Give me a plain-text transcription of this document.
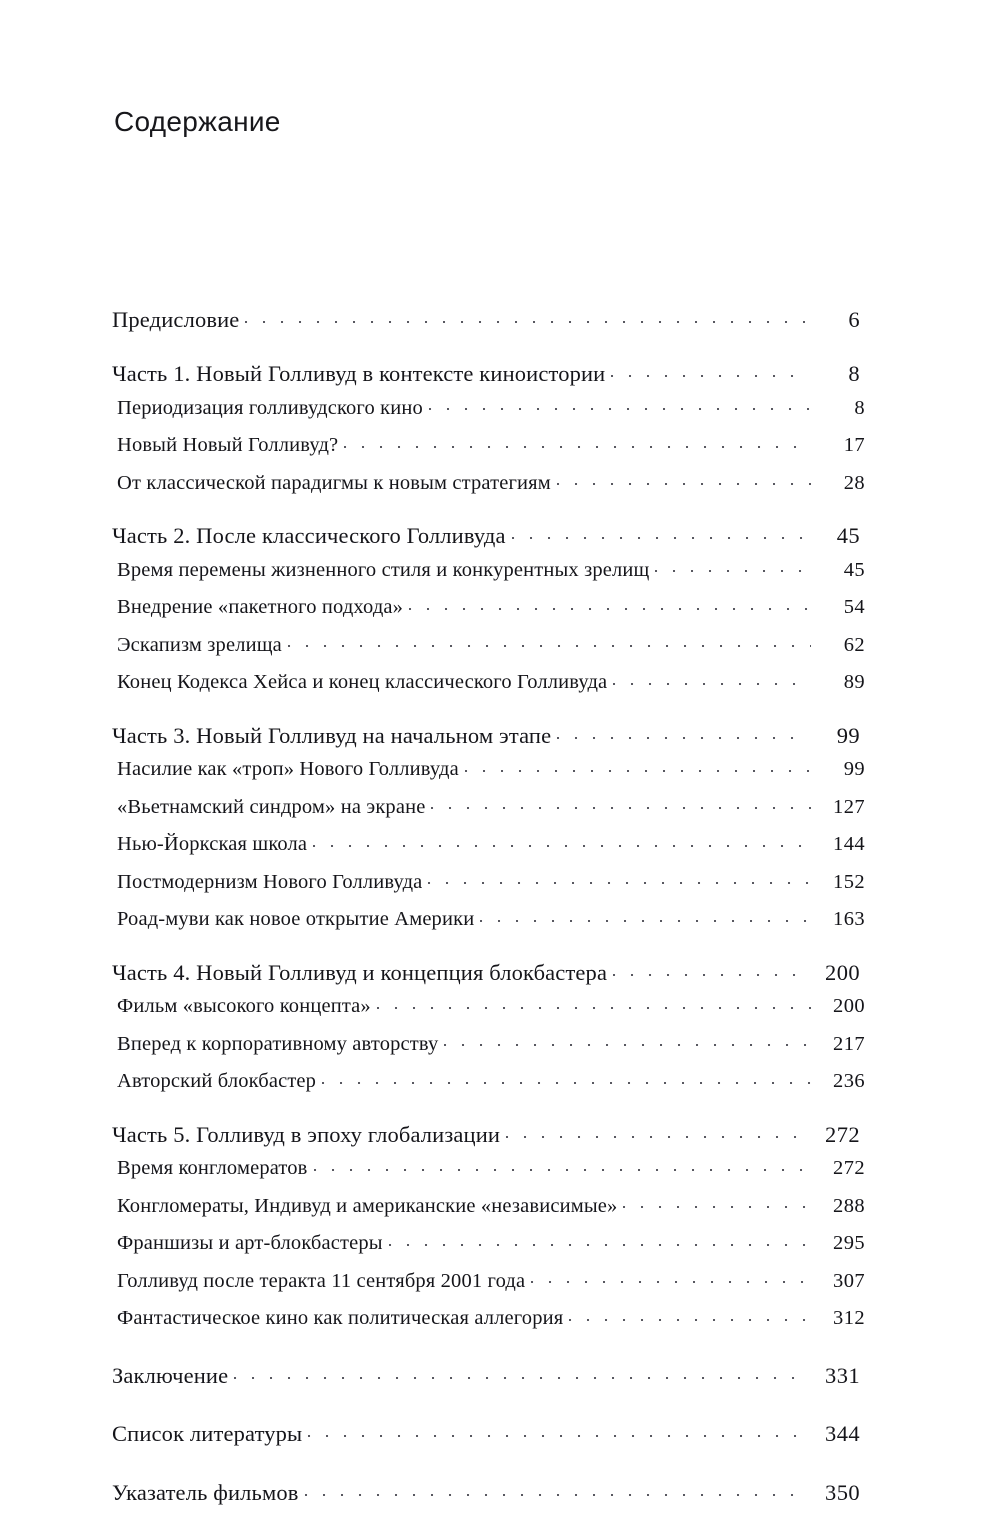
Содержание
Предисловие	6
Часть 1. Новый Голливуд в контексте киноистории	8
Периодизация голливудского кино	8
Новый Новый Голливуд?	17
От классической парадигмы к новым стратегиям	28
Часть 2. После классического Голливуда	45
Время перемены жизненного стиля и конкурентных зрелищ	45
Внедрение «пакетного подхода»	54
Эскапизм зрелища	62
Конец Кодекса Хейса и конец классического Голливуда	89
Часть 3. Новый Голливуд на начальном этапе	99
Насилие как «троп» Нового Голливуда	99
«Вьетнамский синдром» на экране	127
Нью-Йоркская школа	144
Постмодернизм Нового Голливуда	152
Роад-муви как новое открытие Америки	163
Часть 4. Новый Голливуд и концепция блокбастера	200
Фильм «высокого концепта»	200
Вперед к корпоративному авторству	217
Авторский блокбастер	236
Часть 5. Голливуд в эпоху глобализации	272
Время конгломератов	272
Конгломераты, Индивуд и американские «независимые»	288
Франшизы и арт-блокбастеры	295
Голливуд после теракта 11 сентября 2001 года	307
Фантастическое кино как политическая аллегория	312
Заключение	331
Список литературы	344
Указатель фильмов	350
